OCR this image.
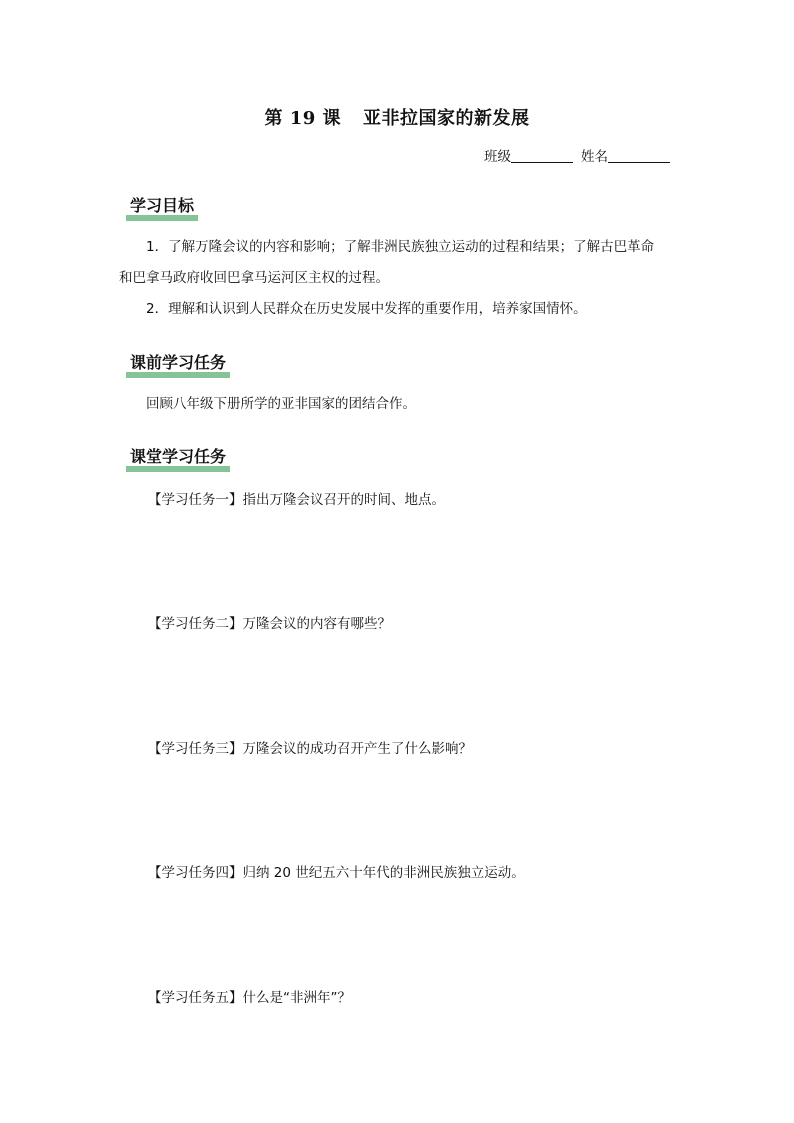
第 19 课 亚非拉国家的新发展
班级	姓名
学习目标
1．了解万隆会议的内容和影响；了解非洲民族独立运动的过程和结果；了解古巴革命
和巴拿马政府收回巴拿马运河区主权的过程。
2．理解和认识到人民群众在历史发展中发挥的重要作用，培养家国情怀。
课前学习任务
回顾八年级下册所学的亚非国家的团结合作。
课堂学习任务
【学习任务一】指出万隆会议召开的时间、地点。
【学习任务二】万隆会议的内容有哪些？
【学习任务三】万隆会议的成功召开产生了什么影响？
【学习任务四】归纳 20 世纪五六十年代的非洲民族独立运动。
【学习任务五】什么是“非洲年”？
